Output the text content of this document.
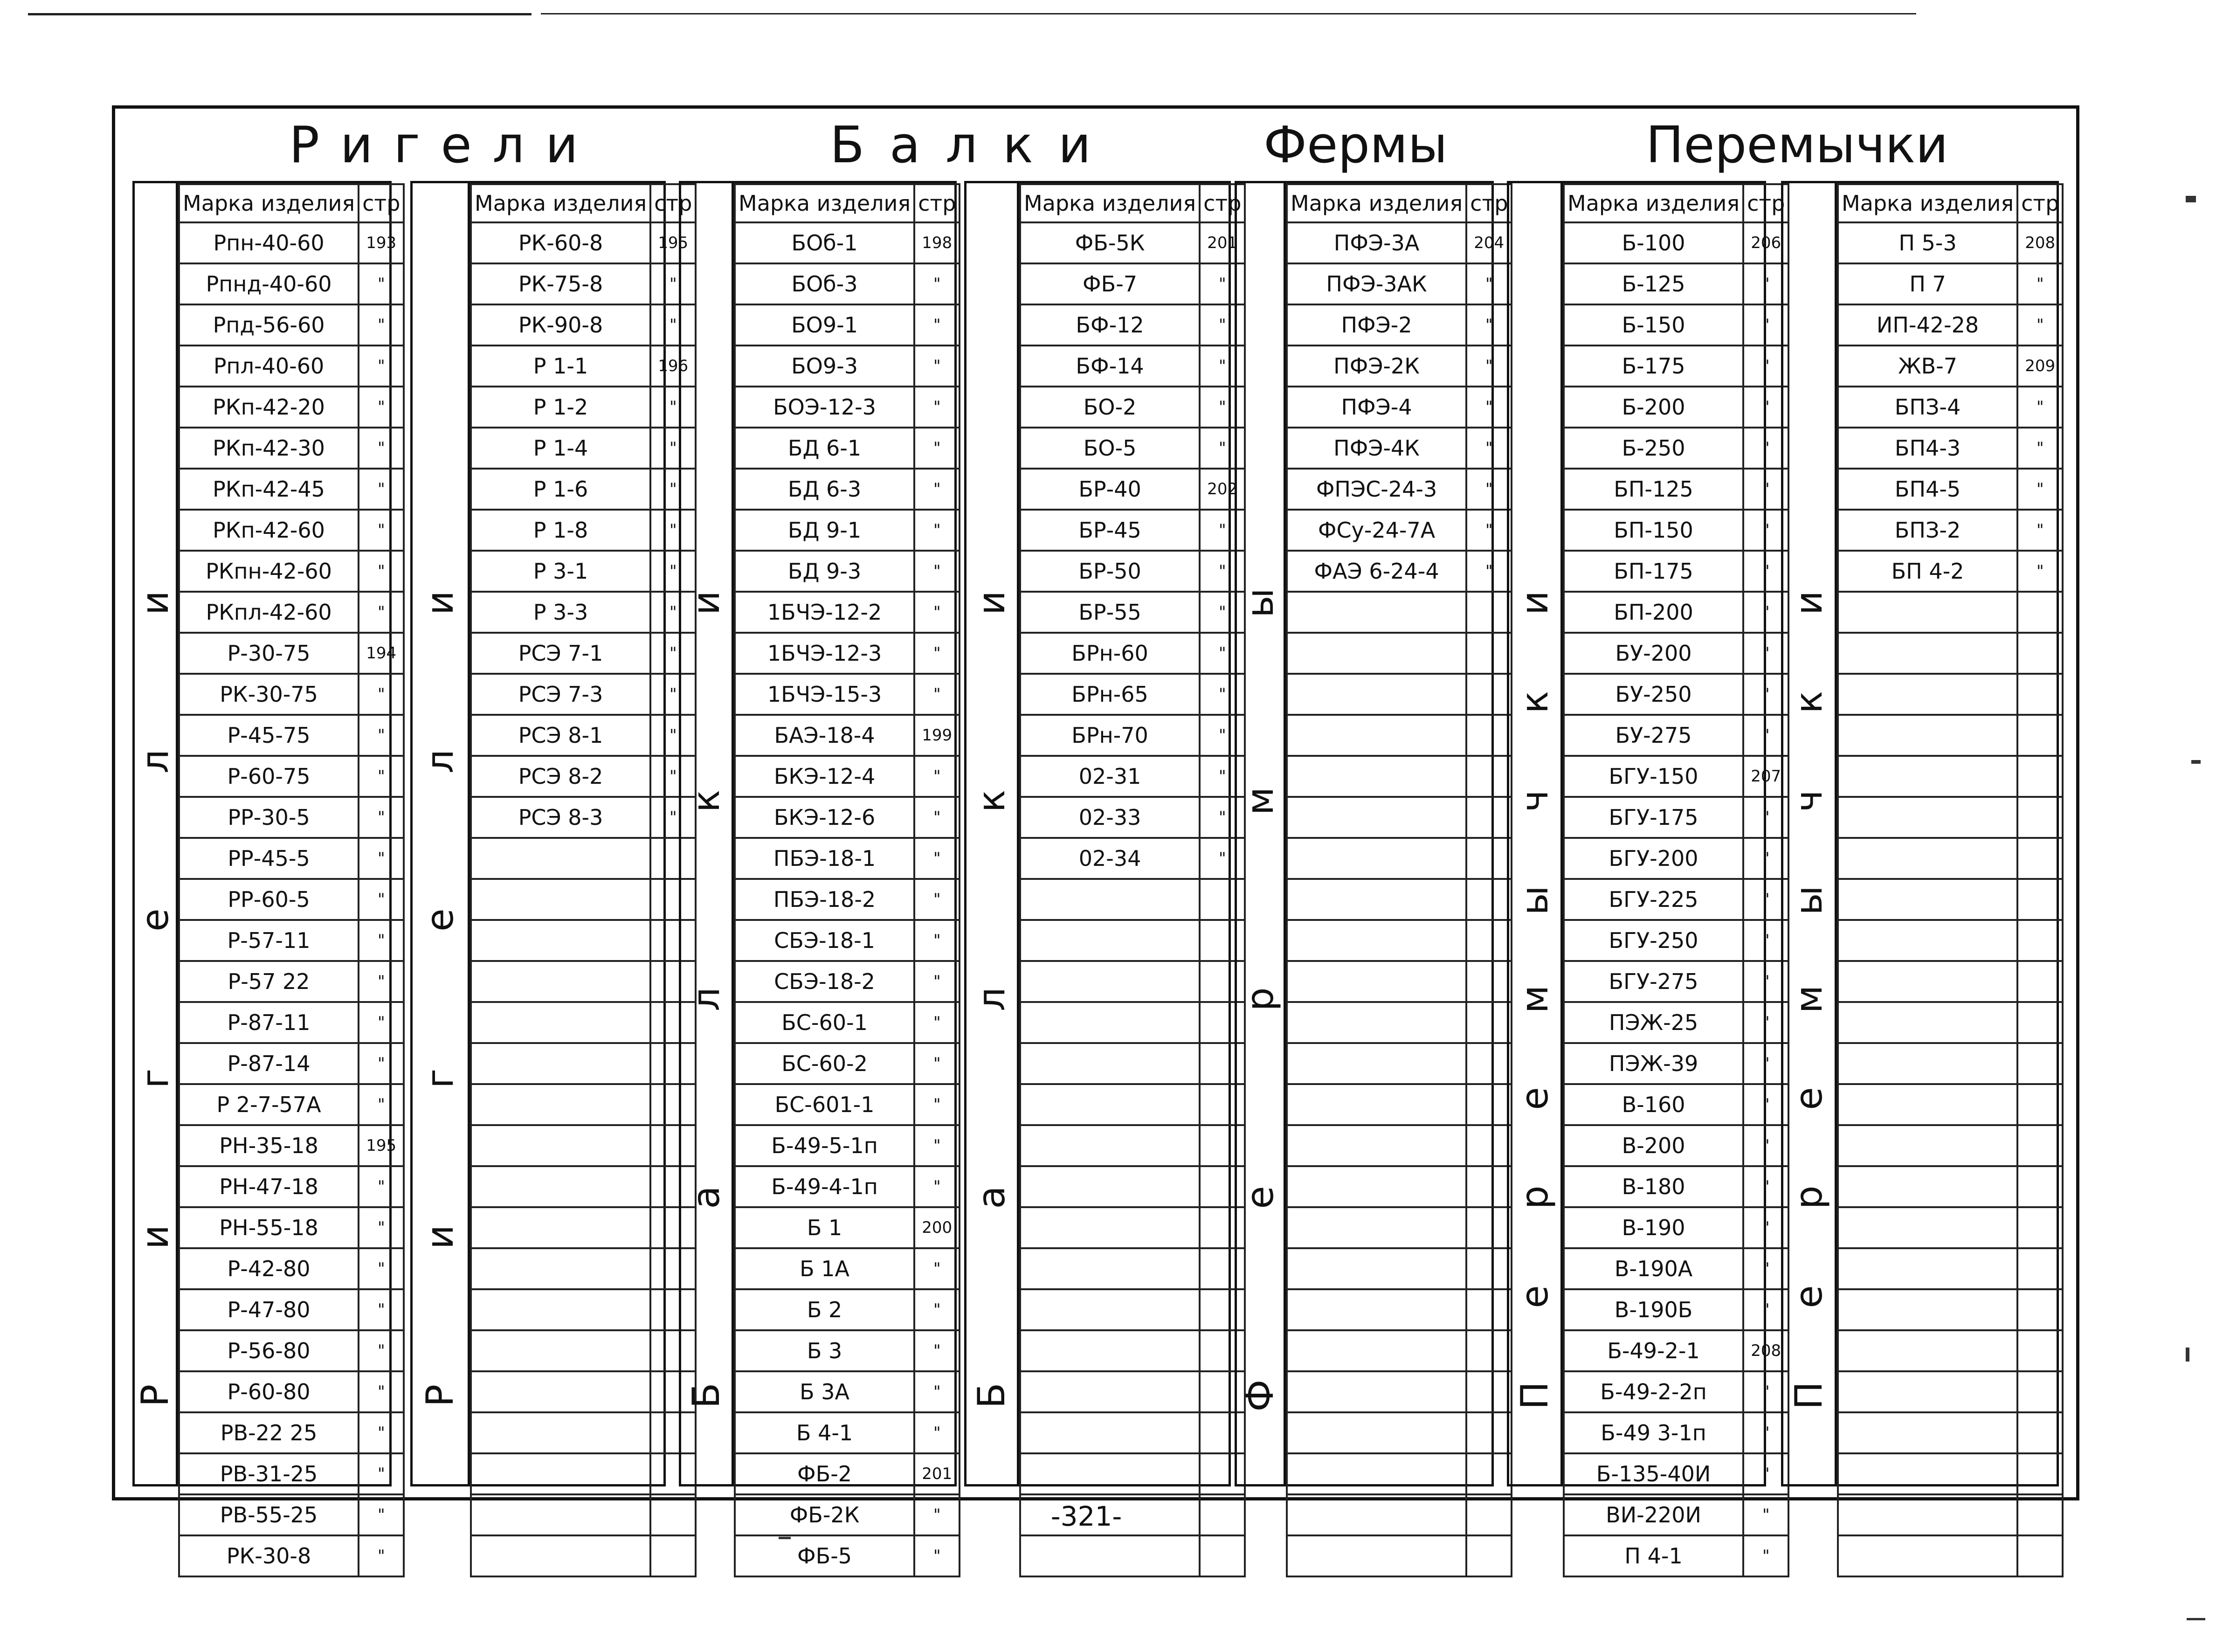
Р и г е л и	Б а л к и	Ф е р м ы	П е р е м ы ч к и
Р
и
г
е
л
и
Марка изделия	стр
Рпн-40-60	193
Рпнд-40-60	"
Рпд-56-60	"
Рпл-40-60	"
РКп-42-20	"
РКп-42-30	"
РКп-42-45	"
РКп-42-60	"
РКпн-42-60	"
РКпл-42-60	"
Р-30-75	194
РК-30-75	"
Р-45-75	"
Р-60-75	"
РР-30-5	"
РР-45-5	"
РР-60-5	"
Р-57-11	"
Р-57 22	"
Р-87-11	"
Р-87-14	"
Р 2-7-57А	"
РН-35-18	195
РН-47-18	"
РН-55-18	"
Р-42-80	"
Р-47-80	"
Р-56-80	"
Р-60-80	"
РВ-22 25	"
РВ-31-25	"
РВ-55-25	"
РК-30-8	"
Р
и
г
е
л
и
Марка изделия	стр
РК-60-8	195
РК-75-8	"
РК-90-8	"
Р 1-1	196
Р 1-2	"
Р 1-4	"
Р 1-6	"
Р 1-8	"
Р 3-1	"
Р 3-3	"
РСЭ 7-1	"
РСЭ 7-3	"
РСЭ 8-1	"
РСЭ 8-2	"
РСЭ 8-3	"

Б
а
л
к
и
Марка изделия	стр
БОб-1	198
БОб-3	"
БО9-1	"
БО9-3	"
БОЭ-12-3	"
БД 6-1	"
БД 6-3	"
БД 9-1	"
БД 9-3	"
1БЧЭ-12-2	"
1БЧЭ-12-3	"
1БЧЭ-15-3	"
БАЭ-18-4	199
БКЭ-12-4	"
БКЭ-12-6	"
ПБЭ-18-1	"
ПБЭ-18-2	"
СБЭ-18-1	"
СБЭ-18-2	"
БС-60-1	"
БС-60-2	"
БС-601-1	"
Б-49-5-1п	"
Б-49-4-1п	"
Б 1	200
Б 1А	"
Б 2	"
Б 3	"
Б 3А	"
Б 4-1	"
ФБ-2	201
ФБ-2К	"
ФБ-5	"
Б
а
л
к
и
Марка изделия	стр
ФБ-5К	201
ФБ-7	"
БФ-12	"
БФ-14	"
БО-2	"
БО-5	"
БР-40	202
БР-45	"
БР-50	"
БР-55	"
БРн-60	"
БРн-65	"
БРн-70	"
02-31	"
02-33	"
02-34	"

Ф
е
р
м
ы
Марка изделия	стр
ПФЭ-3А	204
ПФЭ-3АК	"
ПФЭ-2	"
ПФЭ-2К	"
ПФЭ-4	"
ПФЭ-4К	"
ФПЭС-24-3	"
ФСу-24-7А	"
ФАЭ 6-24-4	"

П
е
р
е
м
ы
ч
к
и
Марка изделия	стр
Б-100	206
Б-125	"
Б-150	"
Б-175	"
Б-200	"
Б-250	"
БП-125	"
БП-150	"
БП-175	"
БП-200	"
БУ-200	"
БУ-250	"
БУ-275	"
БГУ-150	207
БГУ-175	"
БГУ-200	"
БГУ-225	"
БГУ-250	"
БГУ-275	"
ПЭЖ-25	"
ПЭЖ-39	"
В-160	"
В-200	"
В-180	"
В-190	"
В-190А	"
В-190Б	"
Б-49-2-1	208
Б-49-2-2п	"
Б-49 3-1п	"
Б-135-40И	"
ВИ-220И	"
П 4-1	"
П
е
р
е
м
ы
ч
к
и
Марка изделия	стр
П 5-3	208
П 7	"
ИП-42-28	"
ЖВ-7	209
БПЗ-4	"
БП4-3	"
БП4-5	"
БПЗ-2	"
БП 4-2	"

-321-
